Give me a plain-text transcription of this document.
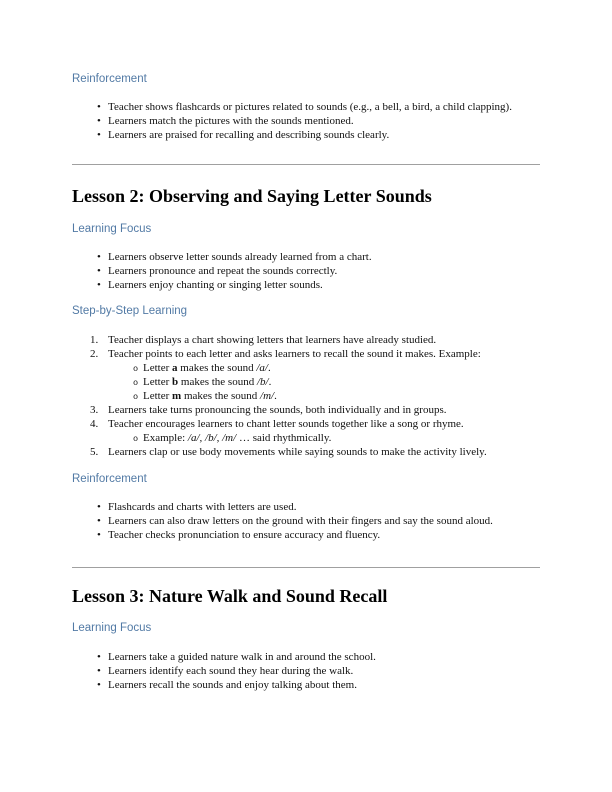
Reinforcement
• Teacher shows flashcards or pictures related to sounds (e.g., a bell, a bird, a child clapping).
• Learners match the pictures with the sounds mentioned.
• Learners are praised for recalling and describing sounds clearly.
Lesson 2: Observing and Saying Letter Sounds
Learning Focus
• Learners observe letter sounds already learned from a chart.
• Learners pronounce and repeat the sounds correctly.
• Learners enjoy chanting or singing letter sounds.
Step-by-Step Learning
1. Teacher displays a chart showing letters that learners have already studied.
2. Teacher points to each letter and asks learners to recall the sound it makes. Example:
o Letter a makes the sound /a/.
o Letter b makes the sound /b/.
o Letter m makes the sound /m/.
3. Learners take turns pronouncing the sounds, both individually and in groups.
4. Teacher encourages learners to chant letter sounds together like a song or rhyme.
o Example: /a/, /b/, /m/ … said rhythmically.
5. Learners clap or use body movements while saying sounds to make the activity lively.
Reinforcement
• Flashcards and charts with letters are used.
• Learners can also draw letters on the ground with their fingers and say the sound aloud.
• Teacher checks pronunciation to ensure accuracy and fluency.
Lesson 3: Nature Walk and Sound Recall
Learning Focus
• Learners take a guided nature walk in and around the school.
• Learners identify each sound they hear during the walk.
• Learners recall the sounds and enjoy talking about them.
